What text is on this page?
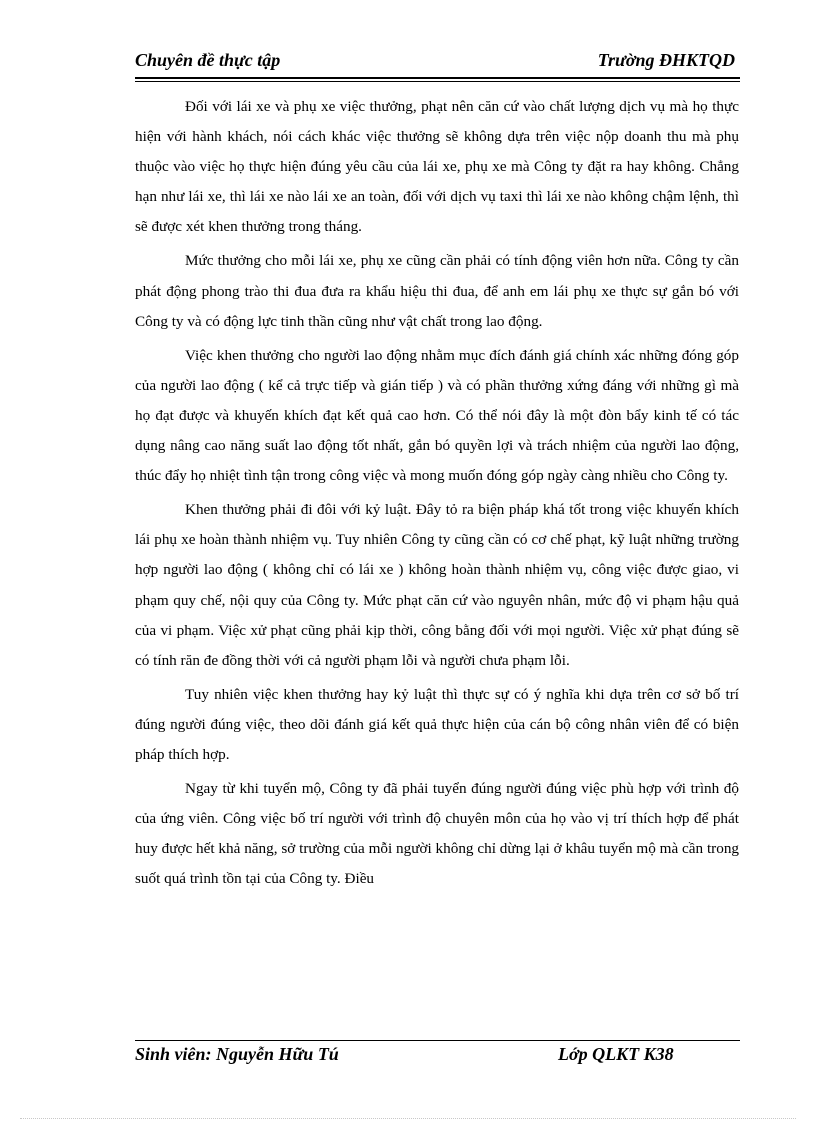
Chuyên đề thực tập	Trường ĐHKTQD

Đối với lái xe và phụ xe việc thưởng, phạt nên căn cứ vào chất lượng dịch vụ mà họ thực hiện với hành khách, nói cách khác việc thưởng sẽ không dựa trên việc nộp doanh thu mà phụ thuộc vào việc họ thực hiện đúng yêu cầu của lái xe, phụ xe mà Công ty đặt ra hay không. Chẳng hạn như lái xe, thì lái xe nào lái xe an toàn, đối với dịch vụ taxi thì lái xe nào không chậm lệnh, thì sẽ được xét khen thưởng trong tháng.

Mức thưởng cho mỗi lái xe, phụ xe cũng cần phải có tính động viên hơn nữa. Công ty cần phát động phong trào thi đua đưa ra khẩu hiệu thi đua, để anh em lái phụ xe thực sự gắn bó với Công ty và có động lực tinh thần cũng như vật chất trong lao động.

Việc khen thưởng cho người lao động nhằm mục đích đánh giá chính xác những đóng góp của người lao động ( kể cả trực tiếp và gián tiếp ) và có phần thưởng xứng đáng với những gì mà họ đạt được và khuyến khích đạt kết quả cao hơn. Có thể nói đây là một đòn bẩy kinh tế có tác dụng nâng cao năng suất lao động tốt nhất, gắn bó quyền lợi và trách nhiệm của người lao động, thúc đẩy họ nhiệt tình tận trong công việc và mong muốn đóng góp ngày càng nhiều cho Công ty.

Khen thưởng phải đi đôi với kỷ luật. Đây tỏ ra biện pháp khá tốt trong việc khuyến khích lái phụ xe hoàn thành nhiệm vụ. Tuy nhiên Công ty cũng cần có cơ chế phạt, kỹ luật những trường hợp người lao động ( không chỉ có lái xe ) không hoàn thành nhiệm vụ, công việc được giao, vi phạm quy chế, nội quy của Công ty. Mức phạt căn cứ vào nguyên nhân, mức độ vi phạm hậu quả của vi phạm. Việc xử phạt cũng phải kịp thời, công bằng đối với mọi người. Việc xử phạt đúng sẽ có tính răn đe đồng thời với cả người phạm lỗi và người chưa phạm lỗi.

Tuy nhiên việc khen thưởng hay kỷ luật thì thực sự có ý nghĩa khi dựa trên cơ sở bố trí đúng người đúng việc, theo dõi đánh giá kết quả thực hiện của cán bộ công nhân viên để có biện pháp thích hợp.

Ngay từ khi tuyển mộ, Công ty đã phải tuyển đúng người đúng việc phù hợp với trình độ của ứng viên. Công việc bố trí người với trình độ chuyên môn của họ vào vị trí thích hợp để phát huy được hết khả năng, sở trường của mỗi người không chỉ dừng lại ở khâu tuyển mộ mà cần trong suốt quá trình tồn tại của Công ty. Điều

Sinh viên: Nguyễn Hữu Tú	Lớp QLKT K38
